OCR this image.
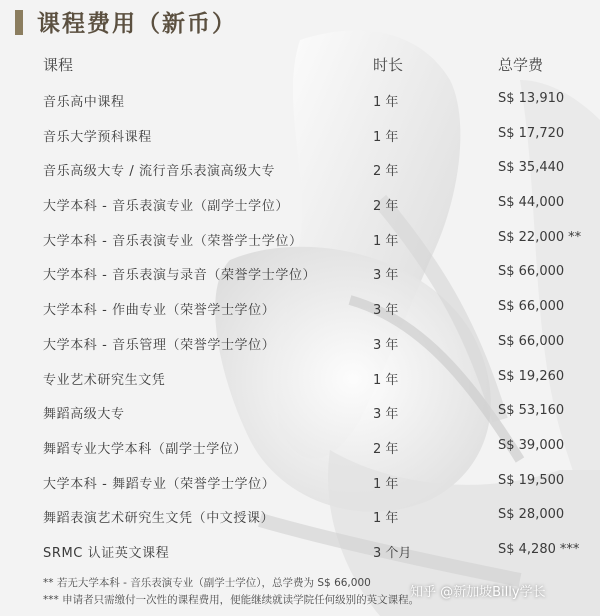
课程费用（新币）
课程	时长	总学费
音乐高中课程	1 年	S$ 13,910
音乐大学预科课程	1 年	S$ 17,720
音乐高级大专 / 流行音乐表演高级大专	2 年	S$ 35,440
大学本科 - 音乐表演专业（副学士学位）	2 年	S$ 44,000
大学本科 - 音乐表演专业（荣誉学士学位）	1 年	S$ 22,000 **
大学本科 - 音乐表演与录音（荣誉学士学位）	3 年	S$ 66,000
大学本科 - 作曲专业（荣誉学士学位）	3 年	S$ 66,000
大学本科 - 音乐管理（荣誉学士学位）	3 年	S$ 66,000
专业艺术研究生文凭	1 年	S$ 19,260
舞蹈高级大专	3 年	S$ 53,160
舞蹈专业大学本科（副学士学位）	2 年	S$ 39,000
大学本科 - 舞蹈专业（荣誉学士学位）	1 年	S$ 19,500
舞蹈表演艺术研究生文凭（中文授课）	1 年	S$ 28,000
SRMC 认证英文课程	3 个月	S$ 4,280 ***
** 若无大学本科 - 音乐表演专业（副学士学位），总学费为 S$ 66,000
*** 申请者只需缴付一次性的课程费用，便能继续就读学院任何级别的英文课程。
知乎 @新加坡Billy学长
